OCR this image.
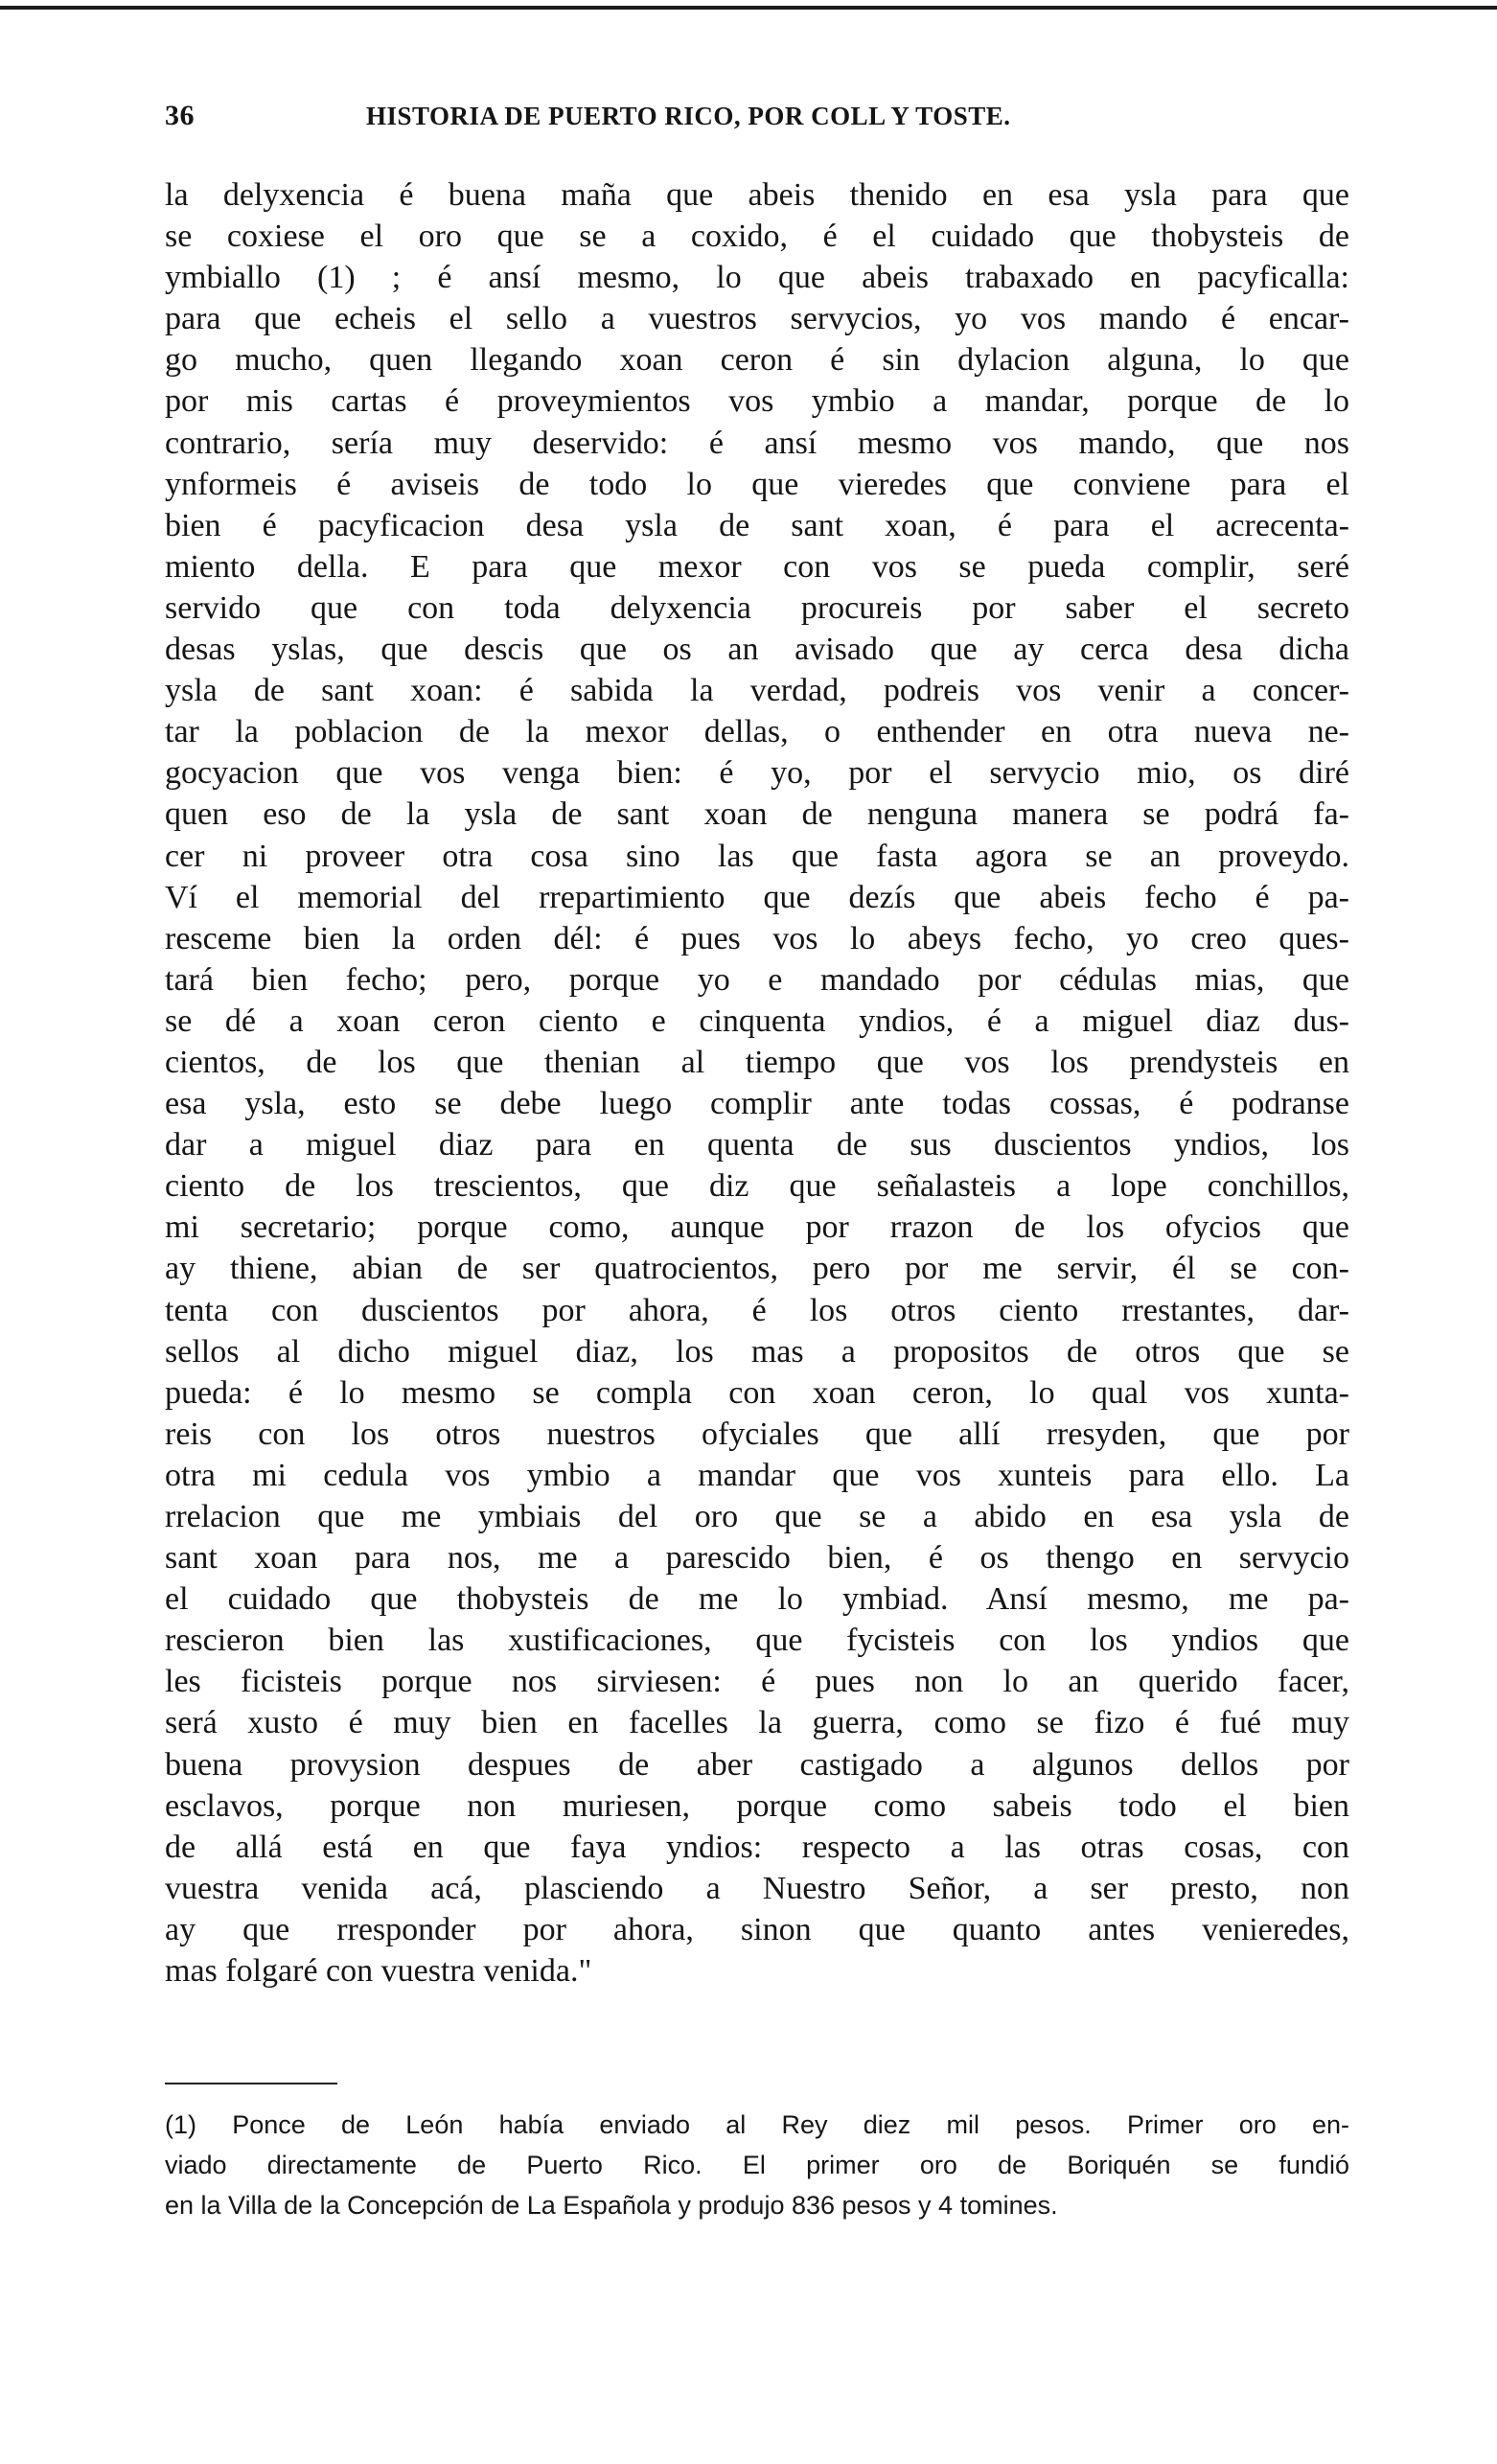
36	HISTORIA DE PUERTO RICO, POR COLL Y TOSTE.
la delyxencia é buena maña que abeis thenido en esa ysla para que
se coxiese el oro que se a coxido, é el cuidado que thobysteis de
ymbiallo (1) ; é ansí mesmo, lo que abeis trabaxado en pacyficalla:
para que echeis el sello a vuestros servycios, yo vos mando é encar-
go mucho, quen llegando xoan ceron é sin dylacion alguna, lo que
por mis cartas é proveymientos vos ymbio a mandar, porque de lo
contrario, sería muy deservido: é ansí mesmo vos mando, que nos
ynformeis é aviseis de todo lo que vieredes que conviene para el
bien é pacyficacion desa ysla de sant xoan, é para el acrecenta-
miento della. E para que mexor con vos se pueda complir, seré
servido que con toda delyxencia procureis por saber el secreto
desas yslas, que descis que os an avisado que ay cerca desa dicha
ysla de sant xoan: é sabida la verdad, podreis vos venir a concer-
tar la poblacion de la mexor dellas, o enthender en otra nueva ne-
gocyacion que vos venga bien: é yo, por el servycio mio, os diré
quen eso de la ysla de sant xoan de nenguna manera se podrá fa-
cer ni proveer otra cosa sino las que fasta agora se an proveydo.
Ví el memorial del rrepartimiento que dezís que abeis fecho é pa-
resceme bien la orden dél: é pues vos lo abeys fecho, yo creo ques-
tará bien fecho; pero, porque yo e mandado por cédulas mias, que
se dé a xoan ceron ciento e cinquenta yndios, é a miguel diaz dus-
cientos, de los que thenian al tiempo que vos los prendysteis en
esa ysla, esto se debe luego complir ante todas cossas, é podranse
dar a miguel diaz para en quenta de sus duscientos yndios, los
ciento de los trescientos, que diz que señalasteis a lope conchillos,
mi secretario; porque como, aunque por rrazon de los ofycios que
ay thiene, abian de ser quatrocientos, pero por me servir, él se con-
tenta con duscientos por ahora, é los otros ciento rrestantes, dar-
sellos al dicho miguel diaz, los mas a propositos de otros que se
pueda: é lo mesmo se compla con xoan ceron, lo qual vos xunta-
reis con los otros nuestros ofyciales que allí rresyden, que por
otra mi cedula vos ymbio a mandar que vos xunteis para ello. La
rrelacion que me ymbiais del oro que se a abido en esa ysla de
sant xoan para nos, me a parescido bien, é os thengo en servycio
el cuidado que thobysteis de me lo ymbiad. Ansí mesmo, me pa-
rescieron bien las xustificaciones, que fycisteis con los yndios que
les ficisteis porque nos sirviesen: é pues non lo an querido facer,
será xusto é muy bien en facelles la guerra, como se fizo é fué muy
buena provysion despues de aber castigado a algunos dellos por
esclavos, porque non muriesen, porque como sabeis todo el bien
de allá está en que faya yndios: respecto a las otras cosas, con
vuestra venida acá, plasciendo a Nuestro Señor, a ser presto, non
ay que rresponder por ahora, sinon que quanto antes venieredes,
mas folgaré con vuestra venida."
(1) Ponce de León había enviado al Rey diez mil pesos. Primer oro en-
viado directamente de Puerto Rico. El primer oro de Boriquén se fundió
en la Villa de la Concepción de La Española y produjo 836 pesos y 4 tomines.
